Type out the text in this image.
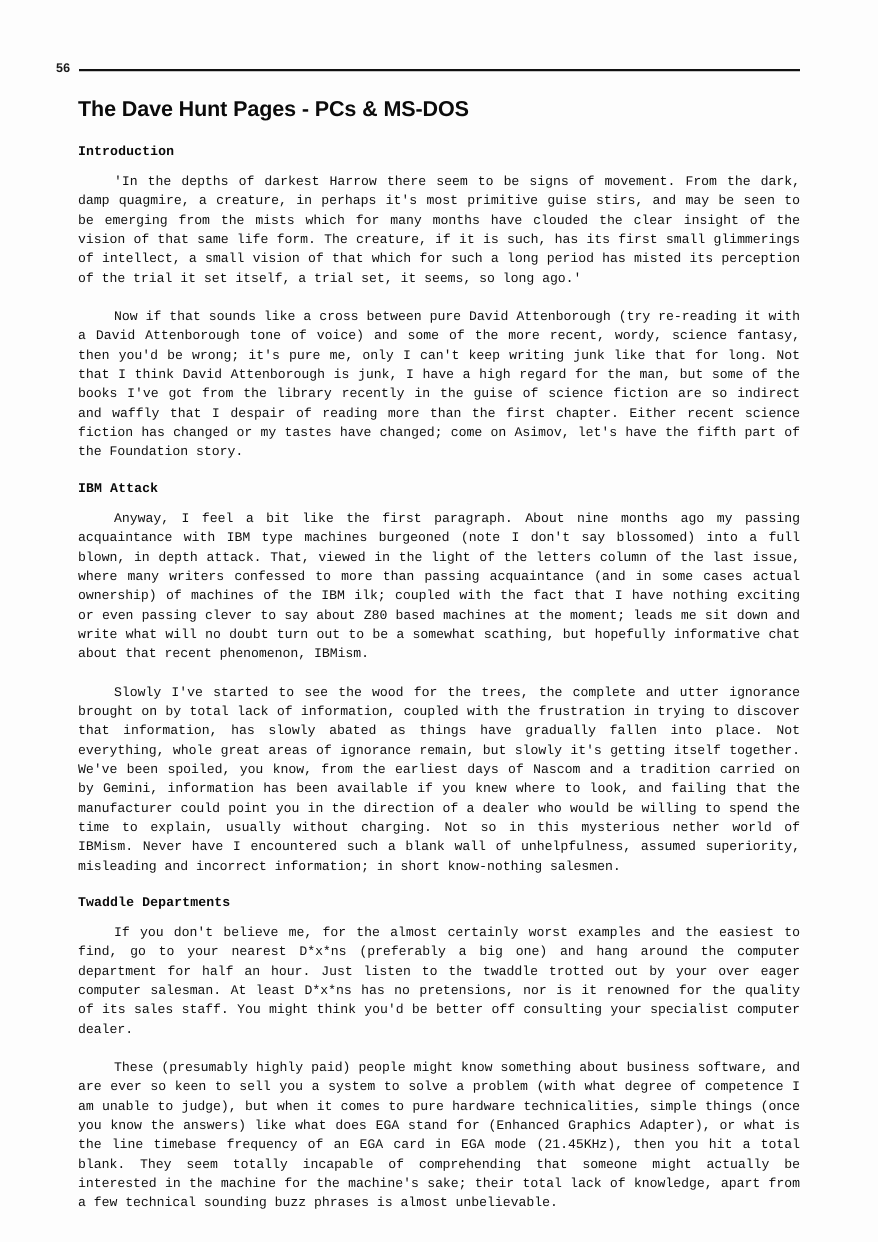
56
The Dave Hunt Pages - PCs & MS-DOS
Introduction

'In the depths of darkest Harrow there seem to be signs of movement. From the dark, damp quagmire, a creature, in perhaps it's most primitive guise stirs, and may be seen to be emerging from the mists which for many months have clouded the clear insight of the vision of that same life form. The creature, if it is such, has its first small glimmerings of intellect, a small vision of that which for such a long period has misted its perception of the trial it set itself, a trial set, it seems, so long ago.'

Now if that sounds like a cross between pure David Attenborough (try re-reading it with a David Attenborough tone of voice) and some of the more recent, wordy, science fantasy, then you'd be wrong; it's pure me, only I can't keep writing junk like that for long. Not that I think David Attenborough is junk, I have a high regard for the man, but some of the books I've got from the library recently in the guise of science fiction are so indirect and waffly that I despair of reading more than the first chapter. Either recent science fiction has changed or my tastes have changed; come on Asimov, let's have the fifth part of the Foundation story.

IBM Attack

Anyway, I feel a bit like the first paragraph. About nine months ago my passing acquaintance with IBM type machines burgeoned (note I don't say blossomed) into a full blown, in depth attack. That, viewed in the light of the letters column of the last issue, where many writers confessed to more than passing acquaintance (and in some cases actual ownership) of machines of the IBM ilk; coupled with the fact that I have nothing exciting or even passing clever to say about Z80 based machines at the moment; leads me sit down and write what will no doubt turn out to be a somewhat scathing, but hopefully informative chat about that recent phenomenon, IBMism.

Slowly I've started to see the wood for the trees, the complete and utter ignorance brought on by total lack of information, coupled with the frustration in trying to discover that information, has slowly abated as things have gradually fallen into place. Not everything, whole great areas of ignorance remain, but slowly it's getting itself together. We've been spoiled, you know, from the earliest days of Nascom and a tradition carried on by Gemini, information has been available if you knew where to look, and failing that the manufacturer could point you in the direction of a dealer who would be willing to spend the time to explain, usually without charging. Not so in this mysterious nether world of IBMism. Never have I encountered such a blank wall of unhelpfulness, assumed superiority, misleading and incorrect information; in short know-nothing salesmen.

Twaddle Departments

If you don't believe me, for the almost certainly worst examples and the easiest to find, go to your nearest D*x*ns (preferably a big one) and hang around the computer department for half an hour. Just listen to the twaddle trotted out by your over eager computer salesman. At least D*x*ns has no pretensions, nor is it renowned for the quality of its sales staff. You might think you'd be better off consulting your specialist computer dealer.

These (presumably highly paid) people might know something about business software, and are ever so keen to sell you a system to solve a problem (with what degree of competence I am unable to judge), but when it comes to pure hardware technicalities, simple things (once you know the answers) like what does EGA stand for (Enhanced Graphics Adapter), or what is the line timebase frequency of an EGA card in EGA mode (21.45KHz), then you hit a total blank. They seem totally incapable of comprehending that someone might actually be interested in the machine for the machine's sake; their total lack of knowledge, apart from a few technical sounding buzz phrases is almost unbelievable.
